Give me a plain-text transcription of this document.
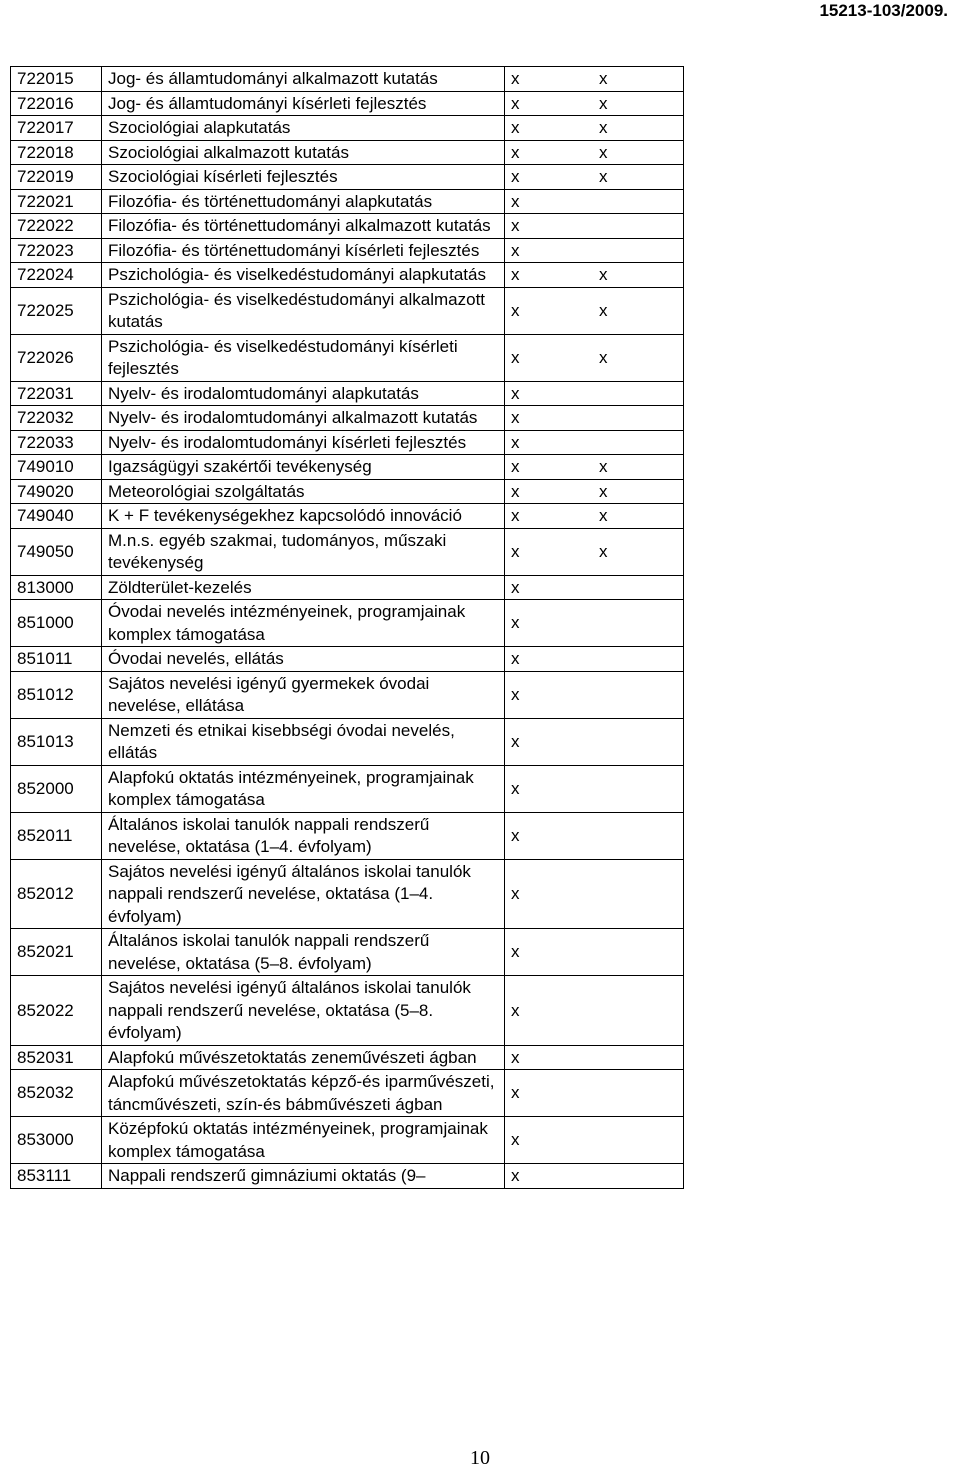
15213-103/2009.
722015	Jog- és államtudományi alkalmazott kutatás	x	x
722016	Jog- és államtudományi kísérleti fejlesztés	x	x
722017	Szociológiai alapkutatás	x	x
722018	Szociológiai alkalmazott kutatás	x	x
722019	Szociológiai kísérleti fejlesztés	x	x
722021	Filozófia- és történettudományi alapkutatás	x	
722022	Filozófia- és történettudományi alkalmazott kutatás	x	
722023	Filozófia- és történettudományi kísérleti fejlesztés	x	
722024	Pszichológia- és viselkedéstudományi alapkutatás	x	x
722025	Pszichológia- és viselkedéstudományi alkalmazott kutatás	x	x
722026	Pszichológia- és viselkedéstudományi kísérleti fejlesztés	x	x
722031	Nyelv- és irodalomtudományi alapkutatás	x	
722032	Nyelv- és irodalomtudományi alkalmazott kutatás	x	
722033	Nyelv- és irodalomtudományi kísérleti fejlesztés	x	
749010	Igazságügyi szakértői tevékenység	x	x
749020	Meteorológiai szolgáltatás	x	x
749040	K + F tevékenységekhez kapcsolódó innováció	x	x
749050	M.n.s. egyéb szakmai, tudományos, műszaki tevékenység	x	x
813000	Zöldterület-kezelés	x	
851000	Óvodai nevelés intézményeinek, programjainak komplex támogatása	x	
851011	Óvodai nevelés, ellátás	x	
851012	Sajátos nevelési igényű gyermekek óvodai nevelése, ellátása	x	
851013	Nemzeti és etnikai kisebbségi óvodai nevelés, ellátás	x	
852000	Alapfokú oktatás intézményeinek, programjainak komplex támogatása	x	
852011	Általános iskolai tanulók nappali rendszerű nevelése, oktatása (1–4. évfolyam)	x	
852012	Sajátos nevelési igényű általános iskolai tanulók nappali rendszerű nevelése, oktatása (1–4. évfolyam)	x	
852021	Általános iskolai tanulók nappali rendszerű nevelése, oktatása (5–8. évfolyam)	x	
852022	Sajátos nevelési igényű általános iskolai tanulók nappali rendszerű nevelése, oktatása (5–8. évfolyam)	x	
852031	Alapfokú művészetoktatás zeneművészeti ágban	x	
852032	Alapfokú művészetoktatás képző-és iparművészeti, táncművészeti, szín-és bábművészeti ágban	x	
853000	Középfokú oktatás intézményeinek, programjainak komplex támogatása	x	
853111	Nappali rendszerű gimnáziumi oktatás (9–	x	
10
